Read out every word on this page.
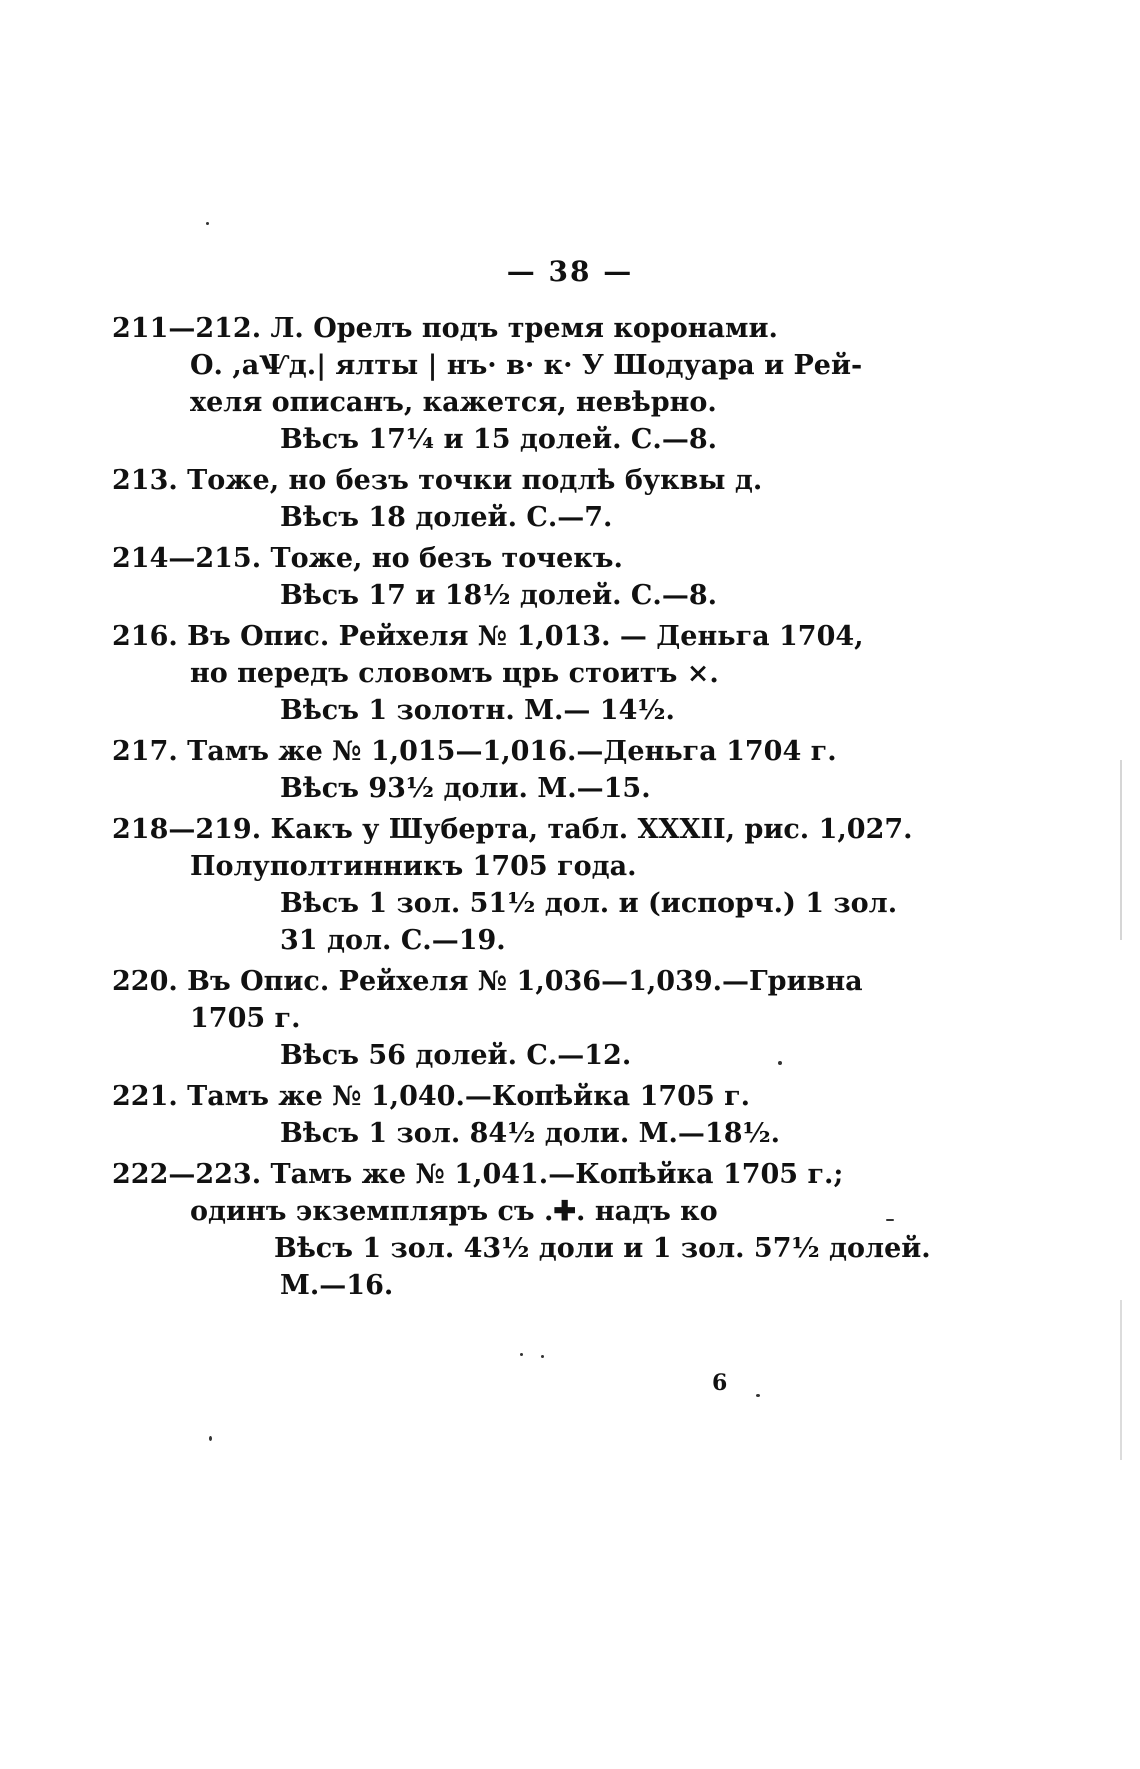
— 38 —
211—212. Л. Орелъ подъ тремя коронами.
О. ,аѰд.| ялты | нъ· в· к· У Шодуара и Рей-
хеля описанъ, кажется, невѣрно.
Вѣсъ 17¼ и 15 долей. С.—8.
213. Тоже, но безъ точки подлѣ буквы д.
Вѣсъ 18 долей. С.—7.
214—215. Тоже, но безъ точекъ.
Вѣсъ 17 и 18½ долей. С.—8.
216. Въ Опис. Рейхеля № 1,013. — Деньга 1704,
но передъ словомъ црь стоитъ ×.
Вѣсъ 1 золотн. М.— 14½.
217. Тамъ же № 1,015—1,016.—Деньга 1704 г.
Вѣсъ 93½ доли. М.—15.
218—219. Какъ у Шуберта, табл. XXXII, рис. 1,027.
Полуполтинникъ 1705 года.
Вѣсъ 1 зол. 51½ дол. и (испорч.) 1 зол.
31 дол. С.—19.
220. Въ Опис. Рейхеля № 1,036—1,039.—Гривна
1705 г.
Вѣсъ 56 долей. С.—12.
221. Тамъ же № 1,040.—Копѣйка 1705 г.
Вѣсъ 1 зол. 84½ доли. М.—18½.
222—223. Тамъ же № 1,041.—Копѣйка 1705 г.;
одинъ экземпляръ съ .✚. надъ ко
Вѣсъ 1 зол. 43½ доли и 1 зол. 57½ долей.
М.—16.
6
